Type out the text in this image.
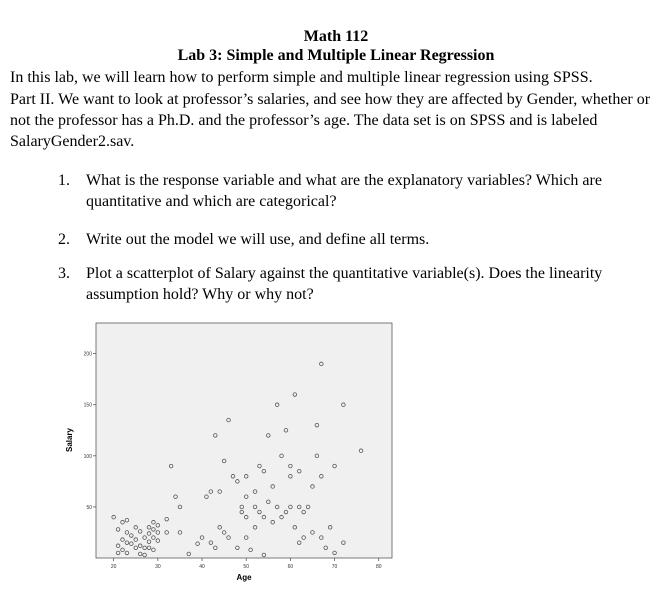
Math 112
Lab 3: Simple and Multiple Linear Regression
In this lab, we will learn how to perform simple and multiple linear regression using SPSS.
Part II. We want to look at professor’s salaries, and see how they are affected by Gender, whether or not the professor has a Ph.D. and the professor’s age. The data set is on SPSS and is labeled SalaryGender2.sav.
1. What is the response variable and what are the explanatory variables? Which are quantitative and which are categorical?
2. Write out the model we will use, and define all terms.
3. Plot a scatterplot of Salary against the quantitative variable(s). Does the linearity assumption hold? Why or why not?
20	30	40	50	60	70	80
50
100
150
200
Age
Salary
